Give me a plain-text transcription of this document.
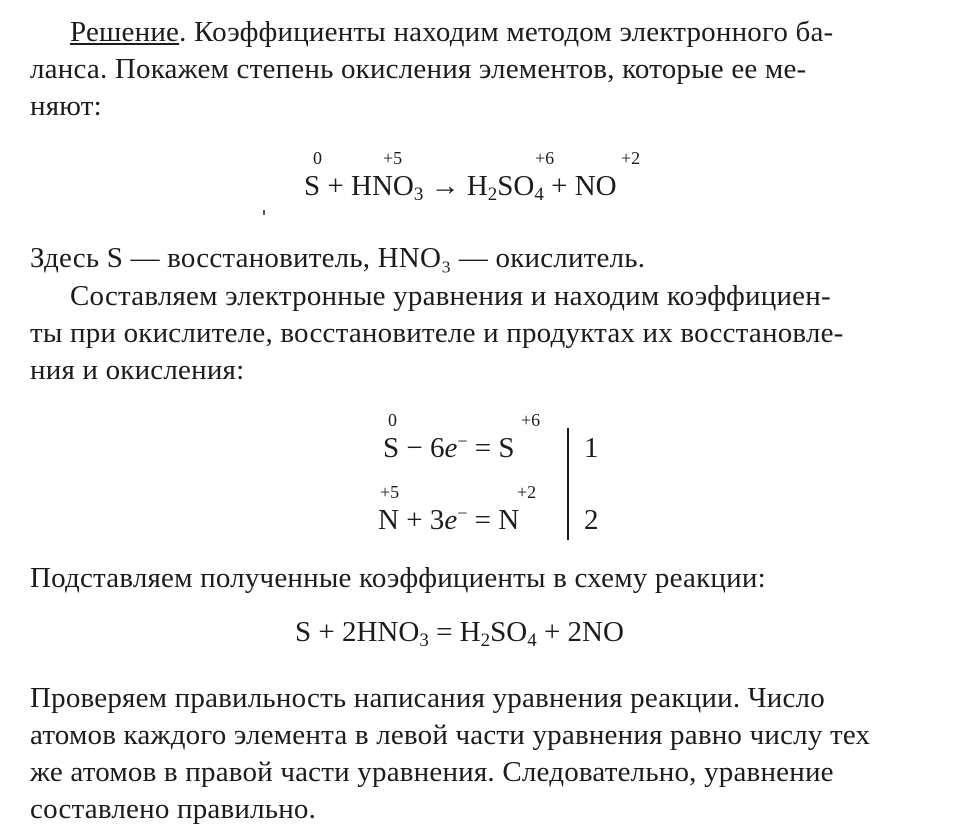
Решение. Коэффициенты находим методом электронного ба-

ланса. Покажем степень окисления элементов, которые ее ме-

няют:

0	+5	+6	+2
$S + HNO_3 \to H_2SO_4$ + NO

Здесь S — восстановитель, HNO₃ — окислитель.

Составляем электронные уравнения и находим коэффициен-

ты при окислителе, восстановителе и продуктах их восстановле-

ния и окисления:

0	+6
S − 6e− = S 1
+5	+2
N + 3e− = N 2

Подставляем полученные коэффициенты в схему реакции:

$S + 2HNO_3 = H_2SO_4 + 2NO$

Проверяем правильность написания уравнения реакции. Число

атомов каждого элемента в левой части уравнения равно числу тех

же атомов в правой части уравнения. Следовательно, уравнение

составлено правильно.
